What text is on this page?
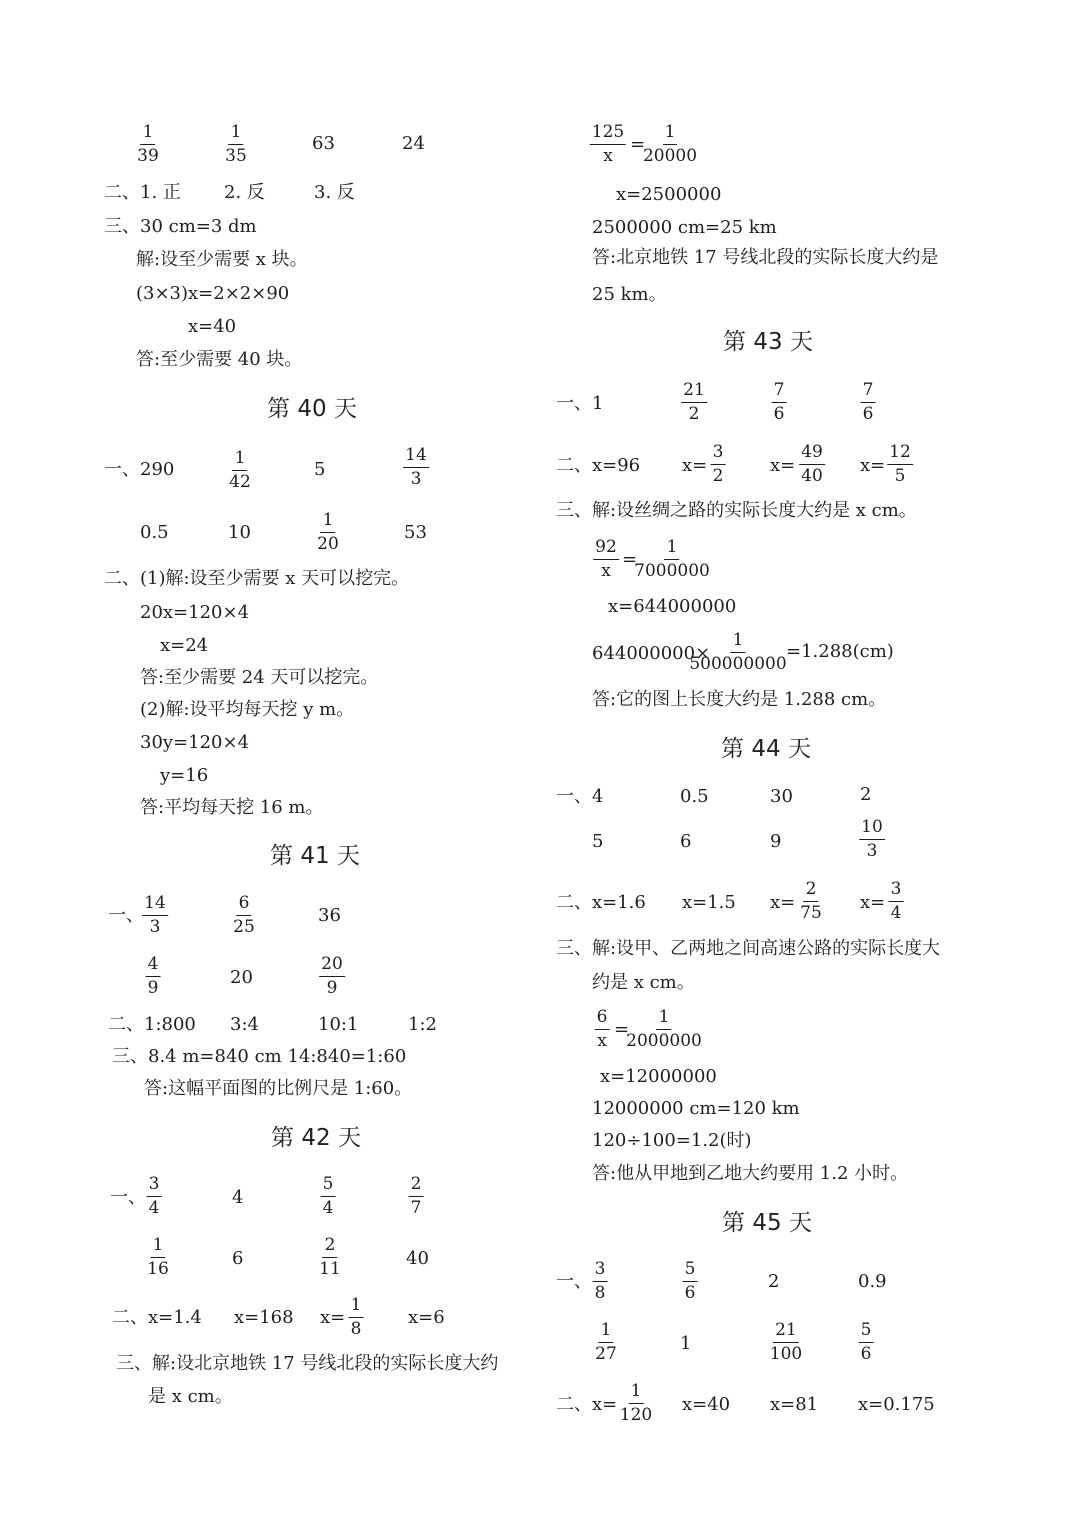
$\frac{1}{39}$	$\frac{1}{35}$	63	24
二、1. 正 2. 反	3. 反
三、30 cm=3 dm
解:设至少需要 x 块。
(3×3)x=2×2×90
x=40
答:至少需要 40 块。
第 40 天
一、290	$\frac{1}{42}$	5	$\frac{14}{3}$
0.5	10	$\frac{1}{20}$	53
二、(1)解:设至少需要 x 天可以挖完。
20x=120×4
x=24
答:至少需要 24 天可以挖完。
(2)解:设平均每天挖 y m。
30y=120×4
y=16
答:平均每天挖 16 m。
第 41 天
一、
$\frac{14}{3}$	$\frac{6}{25}$	36
$\frac{4}{9}$	20	$\frac{20}{9}$
二、1:800 3:4	10:1	1:2
三、8.4 m=840 cm 14:840=1:60
答:这幅平面图的比例尺是 1:60。
第 42 天
一、 $\frac{3}{4}$	4	$\frac{5}{4}$	$\frac{2}{7}$
$\frac{1}{16}$	6	$\frac{2}{11}$	40
二、x=1.4 x=168 $x= \frac{1}{8} x=6$
三、解:设北京地铁 17 号线北段的实际长度大约
是 x cm。
$\frac{125}{x}$ =
$\frac{1}{20000}$
x=2500000
2500000 cm=25 km
答:北京地铁 17 号线北段的实际长度大约是
25 km。
第 43 天
一、1	$\frac{21}{2}$	$\frac{7}{6}$	$\frac{7}{6}$
二、x=96 $x= \frac{3}{2} x= \frac{49}{40} x= \frac{12}{5}$
三、解:设丝绸之路的实际长度大约是 x cm。
$\frac{92}{x}$ =
$\frac{1}{7000000}$
x=644000000
644000000×
$\frac{1}{500000000} =1.288(cm)$
答:它的图上长度大约是 1.288 cm。
第 44 天
一、4	0.5	30	2
5	6	9	$\frac{10}{3}$
二、x=1.6 x=1.5 $x= \frac{2}{75} x= \frac{3}{4}$
三、解:设甲、乙两地之间高速公路的实际长度大
约是 x cm。
$\frac{6}{x}$ =
$\frac{1}{2000000}$
x=12000000
12000000 cm=120 km
120÷100=1.2(时)
答:他从甲地到乙地大约要用 1.2 小时。
第 45 天
一、 $\frac{3}{8}$	$\frac{5}{6}$	2	0.9
$\frac{1}{27}$	1	$\frac{21}{100}$	$\frac{5}{6}$
二、$x= \frac{1}{120} x=40$ x=81 x=0.175
